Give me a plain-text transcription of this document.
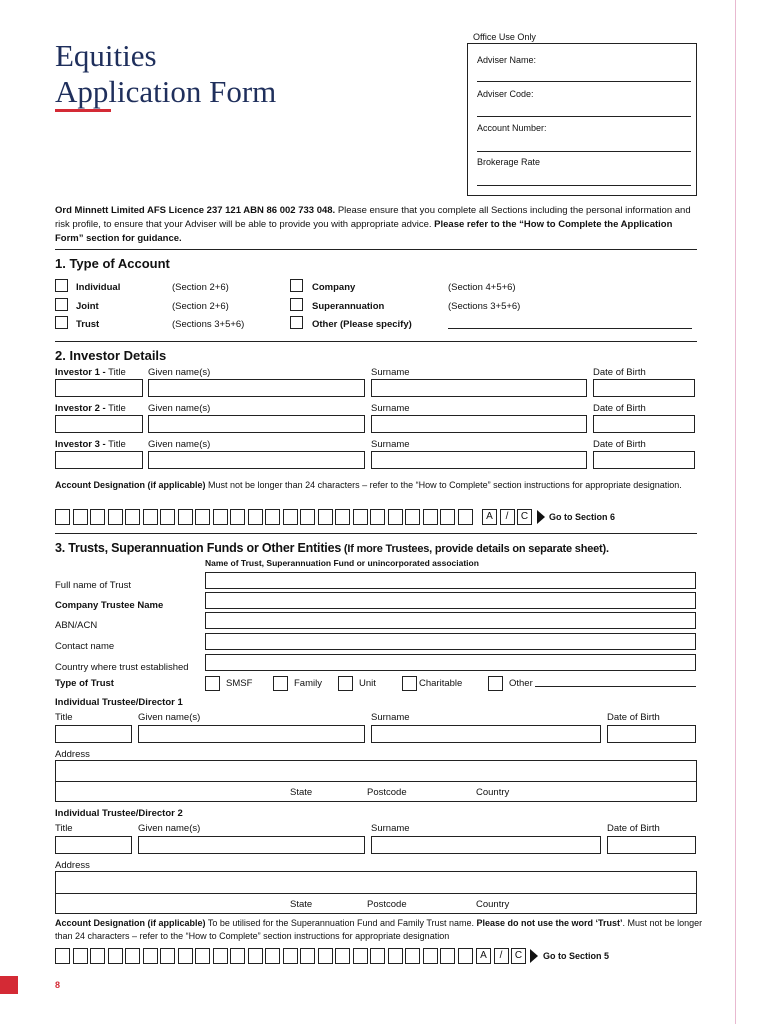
Equities
Application Form
Office Use Only
Adviser Name:
Adviser Code:
Account Number:
Brokerage Rate
Ord Minnett Limited AFS Licence 237 121 ABN 86 002 733 048. Please ensure that you complete all Sections including the personal information and risk profile, to ensure that your Adviser will be able to provide you with appropriate advice. Please refer to the “How to Complete the Application Form” section for guidance.
1. Type of Account
Individual	(Section 2+6)
Joint	(Section 2+6)
Trust	(Sections 3+5+6)
Company	(Section 4+5+6)
Superannuation	(Sections 3+5+6)
Other (Please specify)
2. Investor Details
Investor 1 - Title Given name(s)	Surname	Date of Birth
Investor 2 - Title Given name(s)	Surname	Date of Birth
Investor 3 - Title Given name(s)	Surname	Date of Birth
Account Designation (if applicable) Must not be longer than 24 characters – refer to the “How to Complete” section instructions for appropriate designation.
A	/	C	Go to Section 6
3. Trusts, Superannuation Funds or Other Entities (If more Trustees, provide details on separate sheet).
Name of Trust, Superannuation Fund or unincorporated association
Full name of Trust
Company Trustee Name
ABN/ACN
Contact name
Country where trust established
Type of Trust	SMSF	Family	Unit	Charitable	Other
Individual Trustee/Director 1
Title	Given name(s)	Surname	Date of Birth
Address
State	Postcode	Country
Individual Trustee/Director 2
Title	Given name(s)	Surname	Date of Birth
Address
State	Postcode	Country
Account Designation (if applicable) To be utilised for the Superannuation Fund and Family Trust name. Please do not use the word ‘Trust’. Must not be longer than 24 characters – refer to the “How to Complete” section instructions for appropriate designation
A	/	C	Go to Section 5
8
